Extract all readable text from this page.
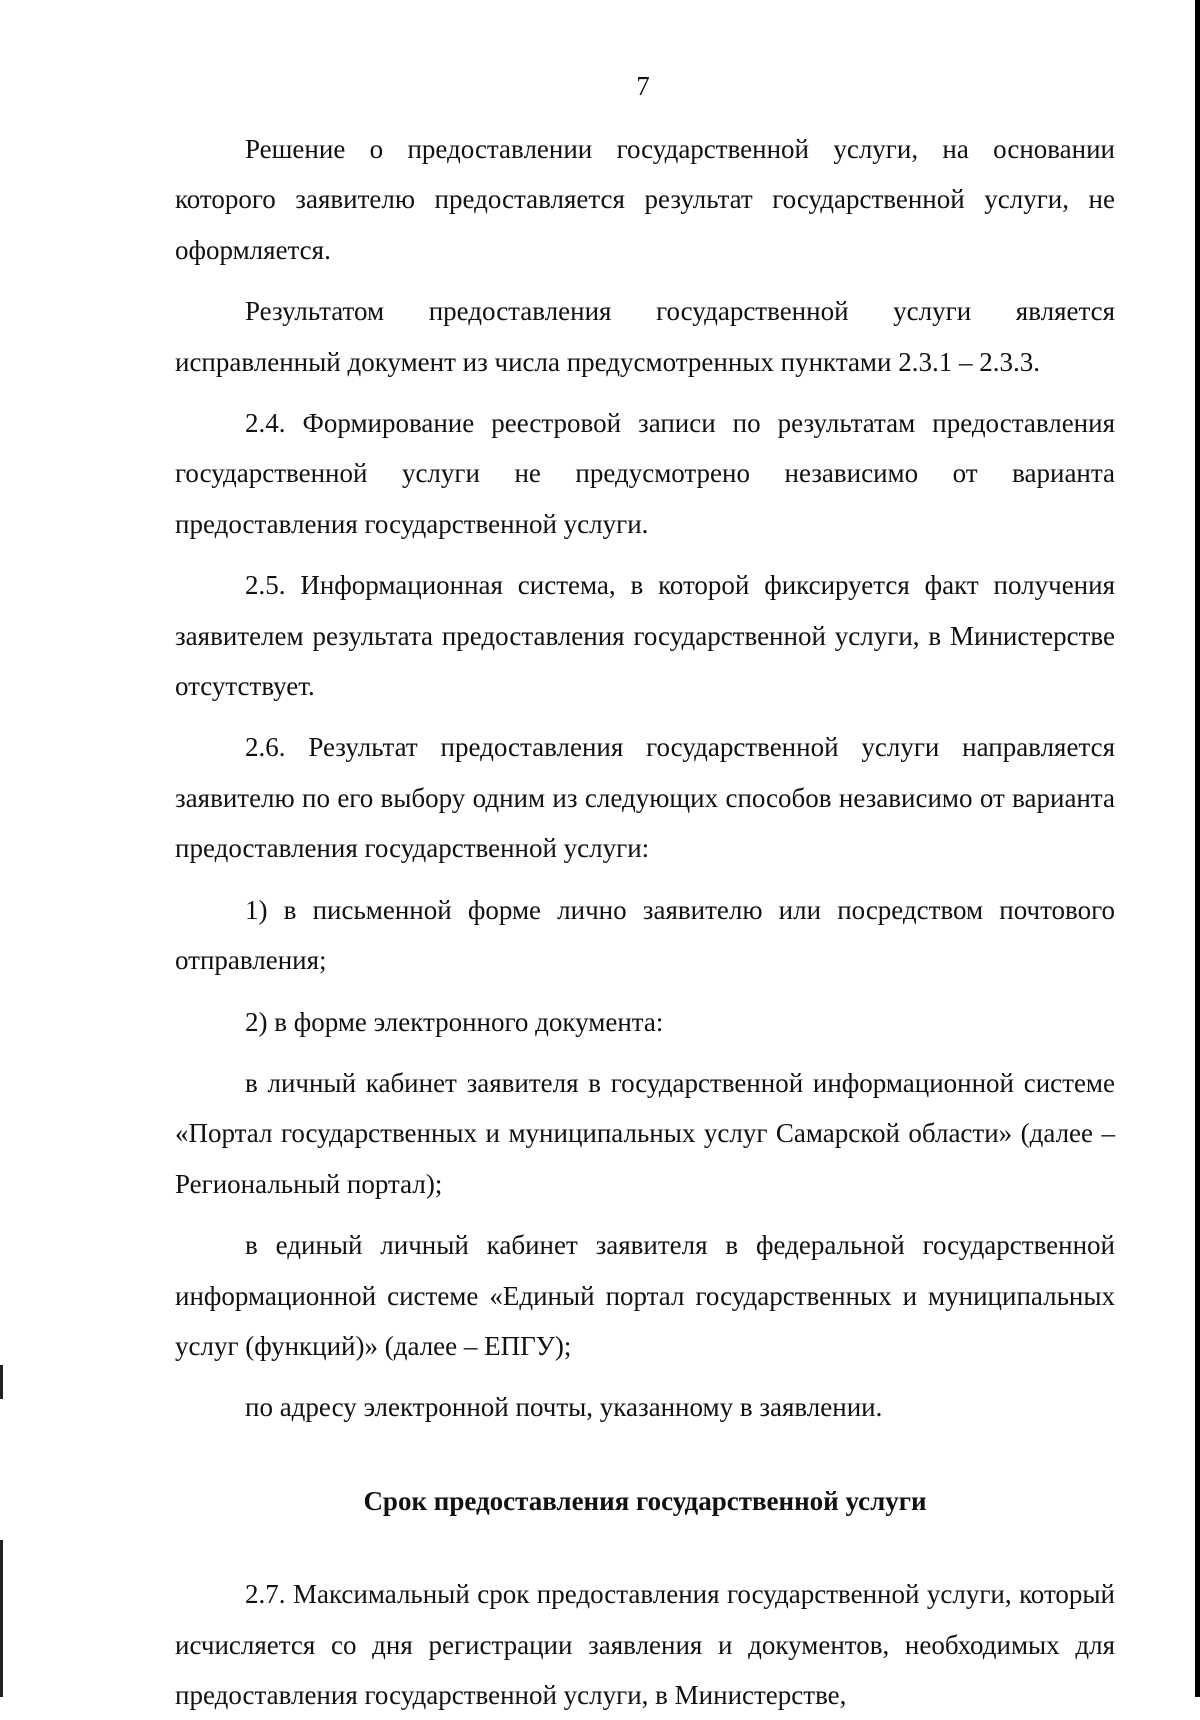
7

Решение о предоставлении государственной услуги, на основании которого заявителю предоставляется результат государственной услуги, не оформляется.

Результатом предоставления государственной услуги является исправленный документ из числа предусмотренных пунктами 2.3.1 – 2.3.3.

2.4. Формирование реестровой записи по результатам предоставления государственной услуги не предусмотрено независимо от варианта предоставления государственной услуги.

2.5. Информационная система, в которой фиксируется факт получения заявителем результата предоставления государственной услуги, в Министерстве отсутствует.

2.6. Результат предоставления государственной услуги направляется заявителю по его выбору одним из следующих способов независимо от варианта предоставления государственной услуги:

1) в письменной форме лично заявителю или посредством почтового отправления;

2) в форме электронного документа:

в личный кабинет заявителя в государственной информационной системе «Портал государственных и муниципальных услуг Самарской области» (далее – Региональный портал);

в единый личный кабинет заявителя в федеральной государственной информационной системе «Единый портал государственных и муниципальных услуг (функций)» (далее – ЕПГУ);

по адресу электронной почты, указанному в заявлении.

Срок предоставления государственной услуги

2.7. Максимальный срок предоставления государственной услуги, который исчисляется со дня регистрации заявления и документов, необходимых для предоставления государственной услуги, в Министерстве,
